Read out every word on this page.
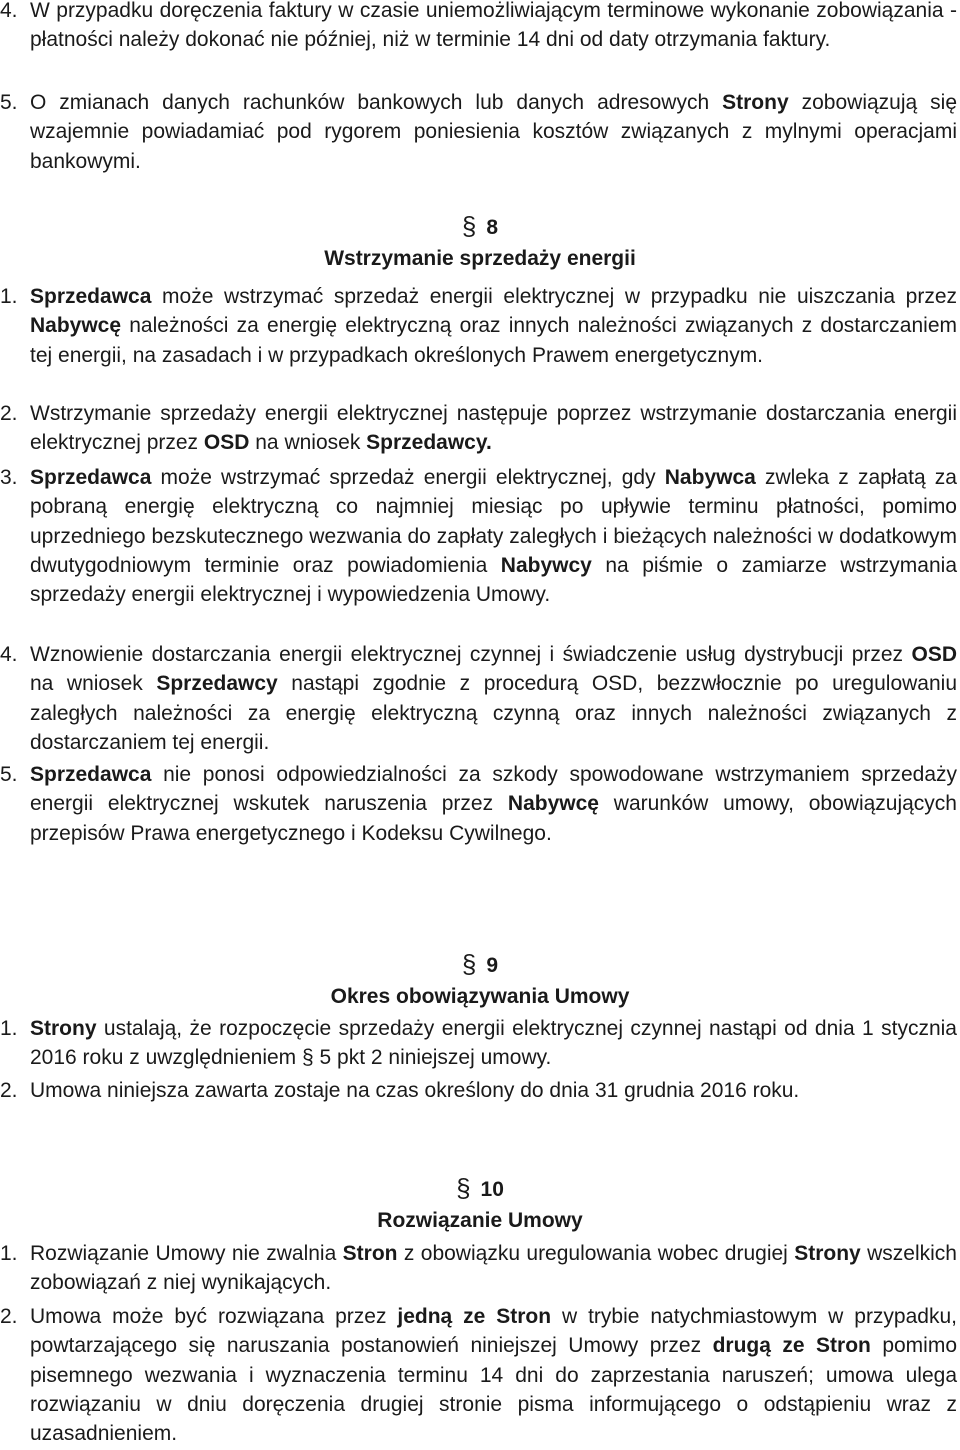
4. W przypadku doręczenia faktury w czasie uniemożliwiającym terminowe wykonanie zobowiązania - płatności należy dokonać nie później, niż w terminie 14 dni od daty otrzymania faktury.
5. O zmianach danych rachunków bankowych lub danych adresowych Strony zobowiązują się wzajemnie powiadamiać pod rygorem poniesienia kosztów związanych z mylnymi operacjami bankowymi.
§ 8
Wstrzymanie sprzedaży energii
1. Sprzedawca może wstrzymać sprzedaż energii elektrycznej w przypadku nie uiszczania przez Nabywcę należności za energię elektryczną oraz innych należności związanych z dostarczaniem tej energii, na zasadach i w przypadkach określonych Prawem energetycznym.
2. Wstrzymanie sprzedaży energii elektrycznej następuje poprzez wstrzymanie dostarczania energii elektrycznej przez OSD na wniosek Sprzedawcy.
3. Sprzedawca może wstrzymać sprzedaż energii elektrycznej, gdy Nabywca zwleka z zapłatą za pobraną energię elektryczną co najmniej miesiąc po upływie terminu płatności, pomimo uprzedniego bezskutecznego wezwania do zapłaty zaległych i bieżących należności w dodatkowym dwutygodniowym terminie oraz powiadomienia Nabywcy na piśmie o zamiarze wstrzymania sprzedaży energii elektrycznej i wypowiedzenia Umowy.
4. Wznowienie dostarczania energii elektrycznej czynnej i świadczenie usług dystrybucji przez OSD na wniosek Sprzedawcy nastąpi zgodnie z procedurą OSD, bezzwłocznie po uregulowaniu zaległych należności za energię elektryczną czynną oraz innych należności związanych z dostarczaniem tej energii.
5. Sprzedawca nie ponosi odpowiedzialności za szkody spowodowane wstrzymaniem sprzedaży energii elektrycznej wskutek naruszenia przez Nabywcę warunków umowy, obowiązujących przepisów Prawa energetycznego i Kodeksu Cywilnego.
§ 9
Okres obowiązywania Umowy
1. Strony ustalają, że rozpoczęcie sprzedaży energii elektrycznej czynnej nastąpi od dnia 1 stycznia 2016 roku z uwzględnieniem § 5 pkt 2 niniejszej umowy.
2. Umowa niniejsza zawarta zostaje na czas określony do dnia 31 grudnia 2016 roku.
§ 10
Rozwiązanie Umowy
1. Rozwiązanie Umowy nie zwalnia Stron z obowiązku uregulowania wobec drugiej Strony wszelkich zobowiązań z niej wynikających.
2. Umowa może być rozwiązana przez jedną ze Stron w trybie natychmiastowym w przypadku, powtarzającego się naruszania postanowień niniejszej Umowy przez drugą ze Stron pomimo pisemnego wezwania i wyznaczenia terminu 14 dni do zaprzestania naruszeń; umowa ulega rozwiązaniu w dniu doręczenia drugiej stronie pisma informującego o odstąpieniu wraz z uzasadnieniem.
